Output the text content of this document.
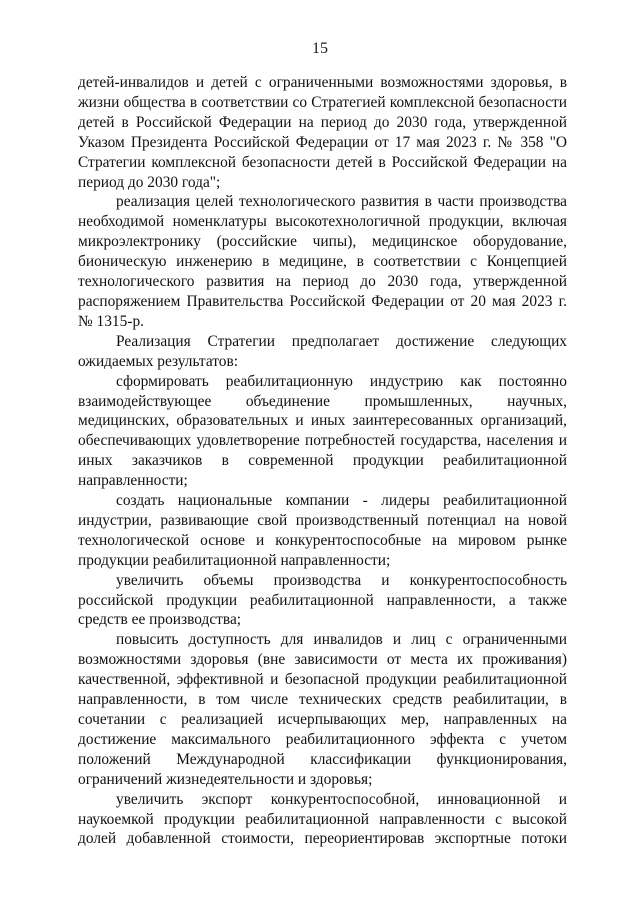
15

детей-инвалидов и детей с ограниченными возможностями здоровья, в жизни общества в соответствии со Стратегией комплексной безопасности детей в Российской Федерации на период до 2030 года, утвержденной Указом Президента Российской Федерации от 17 мая 2023 г. № 358 "О Стратегии комплексной безопасности детей в Российской Федерации на период до 2030 года";

реализация целей технологического развития в части производства необходимой номенклатуры высокотехнологичной продукции, включая микроэлектронику (российские чипы), медицинское оборудование, бионическую инженерию в медицине, в соответствии с Концепцией технологического развития на период до 2030 года, утвержденной распоряжением Правительства Российской Федерации от 20 мая 2023 г. № 1315-р.

Реализация Стратегии предполагает достижение следующих ожидаемых результатов:

сформировать реабилитационную индустрию как постоянно взаимодействующее объединение промышленных, научных, медицинских, образовательных и иных заинтересованных организаций, обеспечивающих удовлетворение потребностей государства, населения и иных заказчиков в современной продукции реабилитационной направленности;

создать национальные компании - лидеры реабилитационной индустрии, развивающие свой производственный потенциал на новой технологической основе и конкурентоспособные на мировом рынке продукции реабилитационной направленности;

увеличить объемы производства и конкурентоспособность российской продукции реабилитационной направленности, а также средств ее производства;

повысить доступность для инвалидов и лиц с ограниченными возможностями здоровья (вне зависимости от места их проживания) качественной, эффективной и безопасной продукции реабилитационной направленности, в том числе технических средств реабилитации, в сочетании с реализацией исчерпывающих мер, направленных на достижение максимального реабилитационного эффекта с учетом положений Международной классификации функционирования, ограничений жизнедеятельности и здоровья;

увеличить экспорт конкурентоспособной, инновационной и наукоемкой продукции реабилитационной направленности с высокой долей добавленной стоимости, переориентировав экспортные потоки
